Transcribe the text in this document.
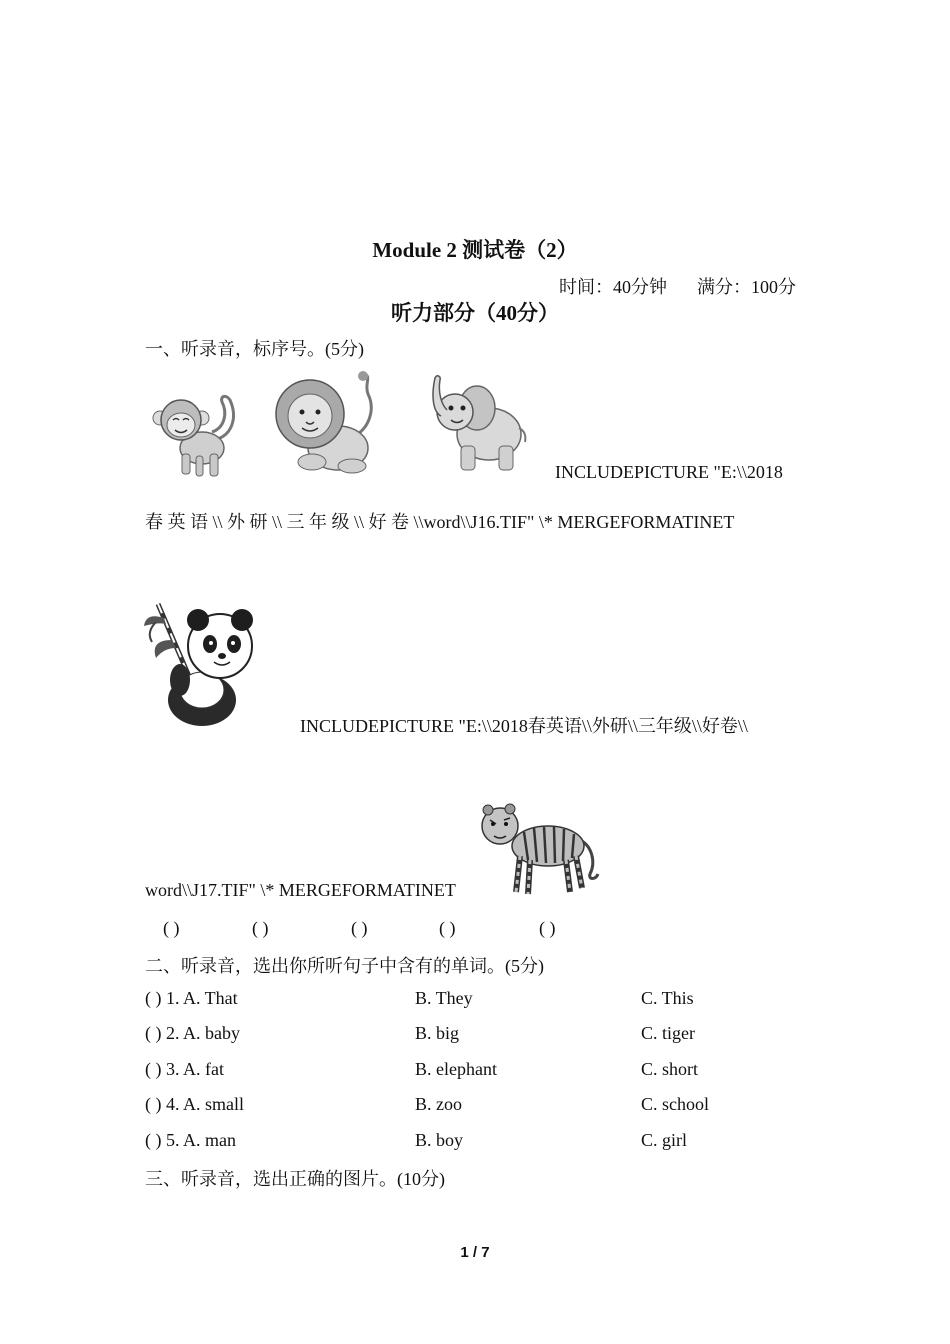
Module 2 测试卷（2）
时间：40分钟 满分：100分
听力部分（40分）
一、听录音，标序号。(5分)
INCLUDEPICTURE "E:\\2018
春 英 语 \\ 外 研 \\ 三 年 级 \\ 好 卷 \\word\\J16.TIF" \* MERGEFORMATINET
INCLUDEPICTURE "E:\\2018春英语\\外研\\三年级\\好卷\\
word\\J17.TIF" \* MERGEFORMATINET
( )	( )	( )	( )	( )
二、听录音，选出你所听句子中含有的单词。(5分)
( ) 1. A. That	B. They	C. This
( ) 2. A. baby	B. big	C. tiger
( ) 3. A. fat	B. elephant	C. short
( ) 4. A. small	B. zoo	C. school
( ) 5. A. man	B. boy	C. girl
三、听录音，选出正确的图片。(10分)
1 / 7
